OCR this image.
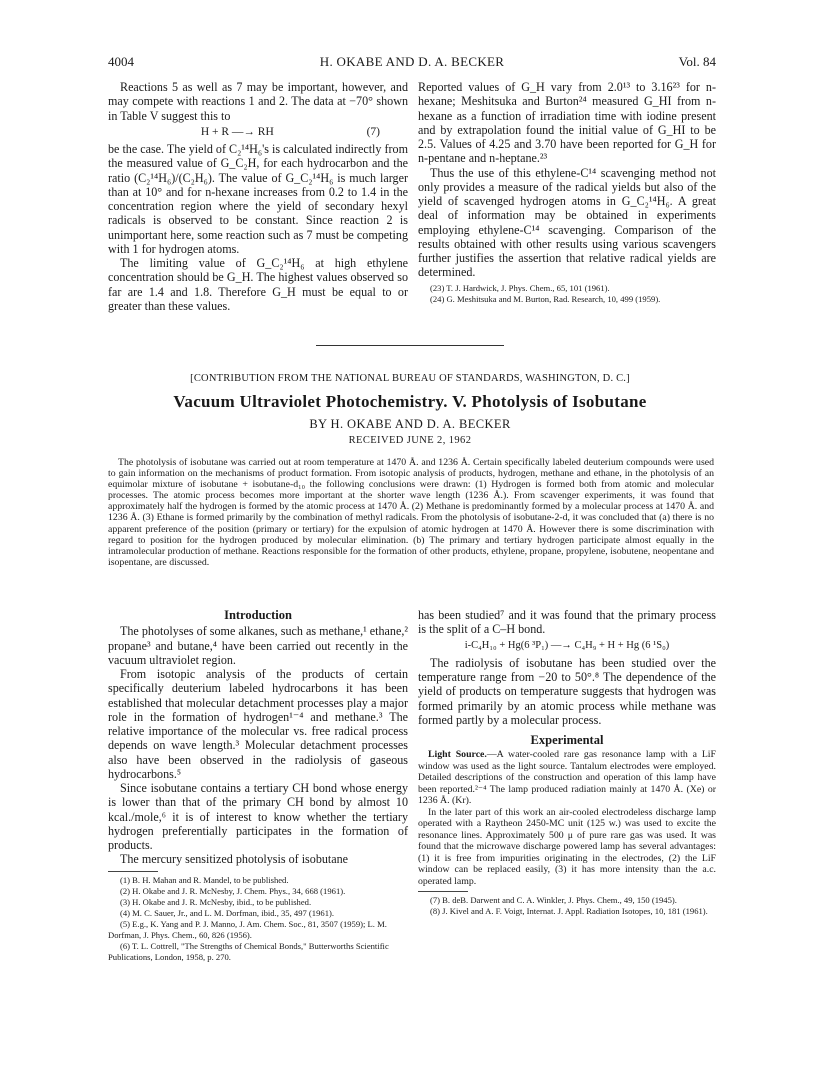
4004	H. OKABE AND D. A. BECKER	Vol. 84

Reactions 5 as well as 7 may be important, however, and may compete with reactions 1 and 2. The data at −70° shown in Table V suggest this to

H + R —→ RH	(7)

be the case. The yield of C₂¹⁴H₆'s is calculated indirectly from the measured value of G_C₂H, for each hydrocarbon and the ratio (C₂¹⁴H₆)/(C₂H₆). The value of G_C₂¹⁴H₆ is much larger than at 10° and for n-hexane increases from 0.2 to 1.4 in the concentration region where the yield of secondary hexyl radicals is observed to be constant. Since reaction 2 is unimportant here, some reaction such as 7 must be competing with 1 for hydrogen atoms.

The limiting value of G_C₂¹⁴H₆ at high ethylene concentration should be G_H. The highest values observed so far are 1.4 and 1.8. Therefore G_H must be equal to or greater than these values.

Reported values of G_H vary from 2.0¹³ to 3.16²³ for n-hexane; Meshitsuka and Burton²⁴ measured G_HI from n-hexane as a function of irradiation time with iodine present and by extrapolation found the initial value of G_HI to be 2.5. Values of 4.25 and 3.70 have been reported for G_H for n-pentane and n-heptane.²³

Thus the use of this ethylene-C¹⁴ scavenging method not only provides a measure of the radical yields but also of the yield of scavenged hydrogen atoms in G_C₂¹⁴H₆. A great deal of information may be obtained in experiments employing ethylene-C¹⁴ scavenging. Comparison of the results obtained with other results using various scavengers further justifies the assertion that relative radical yields are determined.

(23) T. J. Hardwick, J. Phys. Chem., 65, 101 (1961).

(24) G. Meshitsuka and M. Burton, Rad. Research, 10, 499 (1959).

[CONTRIBUTION FROM THE NATIONAL BUREAU OF STANDARDS, WASHINGTON, D. C.]
Vacuum Ultraviolet Photochemistry. V. Photolysis of Isobutane
BY H. OKABE AND D. A. BECKER
RECEIVED JUNE 2, 1962
The photolysis of isobutane was carried out at room temperature at 1470 Å. and 1236 Å. Certain specifically labeled deuterium compounds were used to gain information on the mechanisms of product formation. From isotopic analysis of products, hydrogen, methane and ethane, in the photolysis of an equimolar mixture of isobutane + isobutane-d₁₀ the following conclusions were drawn: (1) Hydrogen is formed both from atomic and molecular processes. The atomic process becomes more important at the shorter wave length (1236 Å.). From scavenger experiments, it was found that approximately half the hydrogen is formed by the atomic process at 1470 Å. (2) Methane is predominantly formed by a molecular process at 1470 Å. and 1236 Å. (3) Ethane is formed primarily by the combination of methyl radicals. From the photolysis of isobutane-2-d, it was concluded that (a) there is no apparent preference of the position (primary or tertiary) for the expulsion of atomic hydrogen at 1470 Å. However there is some discrimination with regard to position for the hydrogen produced by molecular elimination. (b) The primary and tertiary hydrogen participate almost equally in the intramolecular production of methane. Reactions responsible for the formation of other products, ethylene, propane, propylene, isobutene, neopentane and isopentane, are discussed.
Introduction

The photolyses of some alkanes, such as methane,¹ ethane,² propane³ and butane,⁴ have been carried out recently in the vacuum ultraviolet region.

From isotopic analysis of the products of certain specifically deuterium labeled hydrocarbons it has been established that molecular detachment processes play a major role in the formation of hydrogen¹⁻⁴ and methane.³ The relative importance of the molecular vs. free radical process depends on wave length.³ Molecular detachment processes also have been observed in the radiolysis of gaseous hydrocarbons.⁵

Since isobutane contains a tertiary CH bond whose energy is lower than that of the primary CH bond by almost 10 kcal./mole,⁶ it is of interest to know whether the tertiary hydrogen preferentially participates in the formation of products.

The mercury sensitized photolysis of isobutane

(1) B. H. Mahan and R. Mandel, to be published.

(2) H. Okabe and J. R. McNesby, J. Chem. Phys., 34, 668 (1961).

(3) H. Okabe and J. R. McNesby, ibid., to be published.

(4) M. C. Sauer, Jr., and L. M. Dorfman, ibid., 35, 497 (1961).

(5) E.g., K. Yang and P. J. Manno, J. Am. Chem. Soc., 81, 3507 (1959); L. M. Dorfman, J. Phys. Chem., 60, 826 (1956).

(6) T. L. Cottrell, "The Strengths of Chemical Bonds," Butterworths Scientific Publications, London, 1958, p. 270.

has been studied⁷ and it was found that the primary process is the split of a C–H bond.

i-C₄H₁₀ + Hg(6 ³P₁) —→ C₄H₉ + H + Hg (6 ¹S₀)

The radiolysis of isobutane has been studied over the temperature range from −20 to 50°.⁸ The dependence of the yield of products on temperature suggests that hydrogen was formed primarily by an atomic process while methane was formed partly by a molecular process.

Experimental

Light Source.—A water-cooled rare gas resonance lamp with a LiF window was used as the light source. Tantalum electrodes were employed. Detailed descriptions of the construction and operation of this lamp have been reported.²⁻⁴ The lamp produced radiation mainly at 1470 Å. (Xe) or 1236 Å. (Kr).

In the later part of this work an air-cooled electrodeless discharge lamp operated with a Raytheon 2450-MC unit (125 w.) was used to excite the resonance lines. Approximately 500 μ of pure rare gas was used. It was found that the microwave discharge powered lamp has several advantages: (1) it is free from impurities originating in the electrodes, (2) the LiF window can be replaced easily, (3) it has more intensity than the a.c. operated lamp.

(7) B. deB. Darwent and C. A. Winkler, J. Phys. Chem., 49, 150 (1945).

(8) J. Kivel and A. F. Voigt, Internat. J. Appl. Radiation Isotopes, 10, 181 (1961).
